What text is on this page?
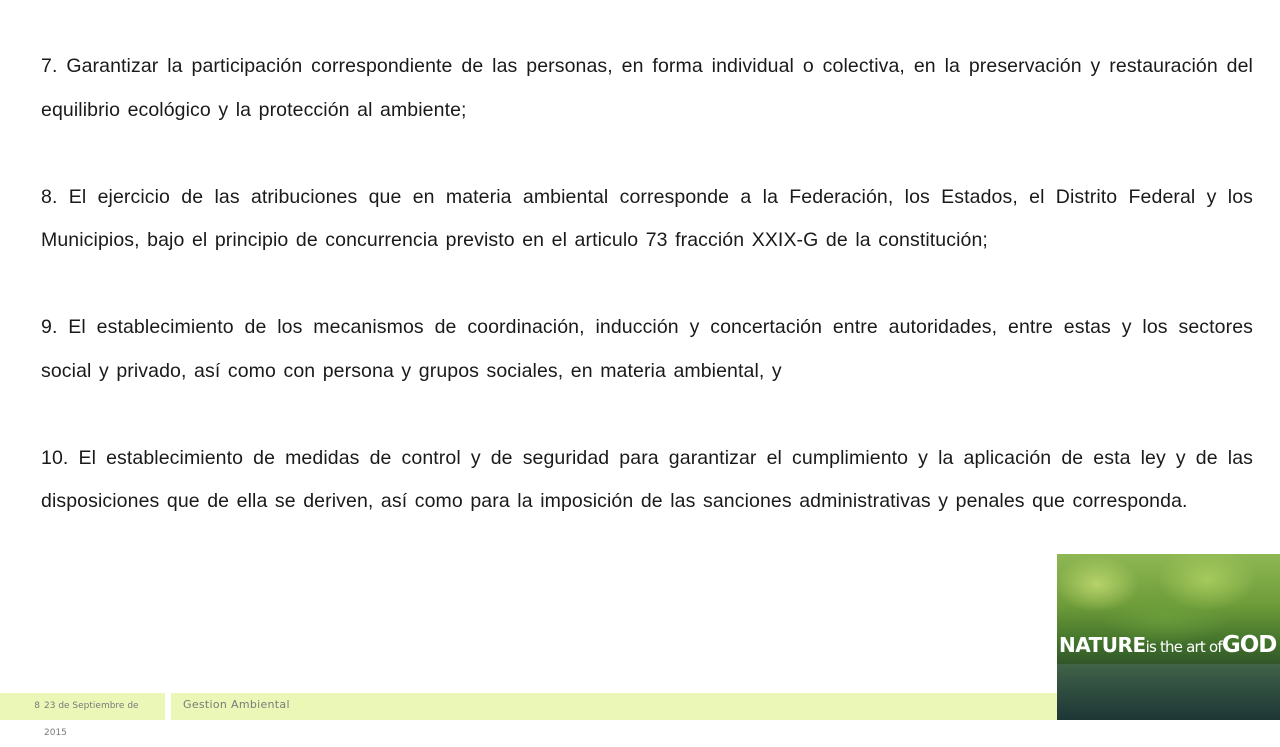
7. Garantizar la participación correspondiente de las personas, en forma individual o colectiva, en la preservación y restauración del equilibrio ecológico y la protección al ambiente;

8. El ejercicio de las atribuciones que en materia ambiental corresponde a la Federación, los Estados, el Distrito Federal y los Municipios, bajo el principio de concurrencia previsto en el articulo 73 fracción XXIX-G de la constitución;

9. El establecimiento de los mecanismos de coordinación, inducción y concertación entre autoridades, entre estas y los sectores social y privado, así como con persona y grupos sociales, en materia ambiental, y

10. El establecimiento de medidas de control y de seguridad para garantizar el cumplimiento y la aplicación de esta ley y de las disposiciones que de ella se deriven, así como para la imposición de las sanciones administrativas y penales que corresponda.

8 23 de Septiembre de 2015
Gestion Ambiental
NATUREis the art ofGOD
